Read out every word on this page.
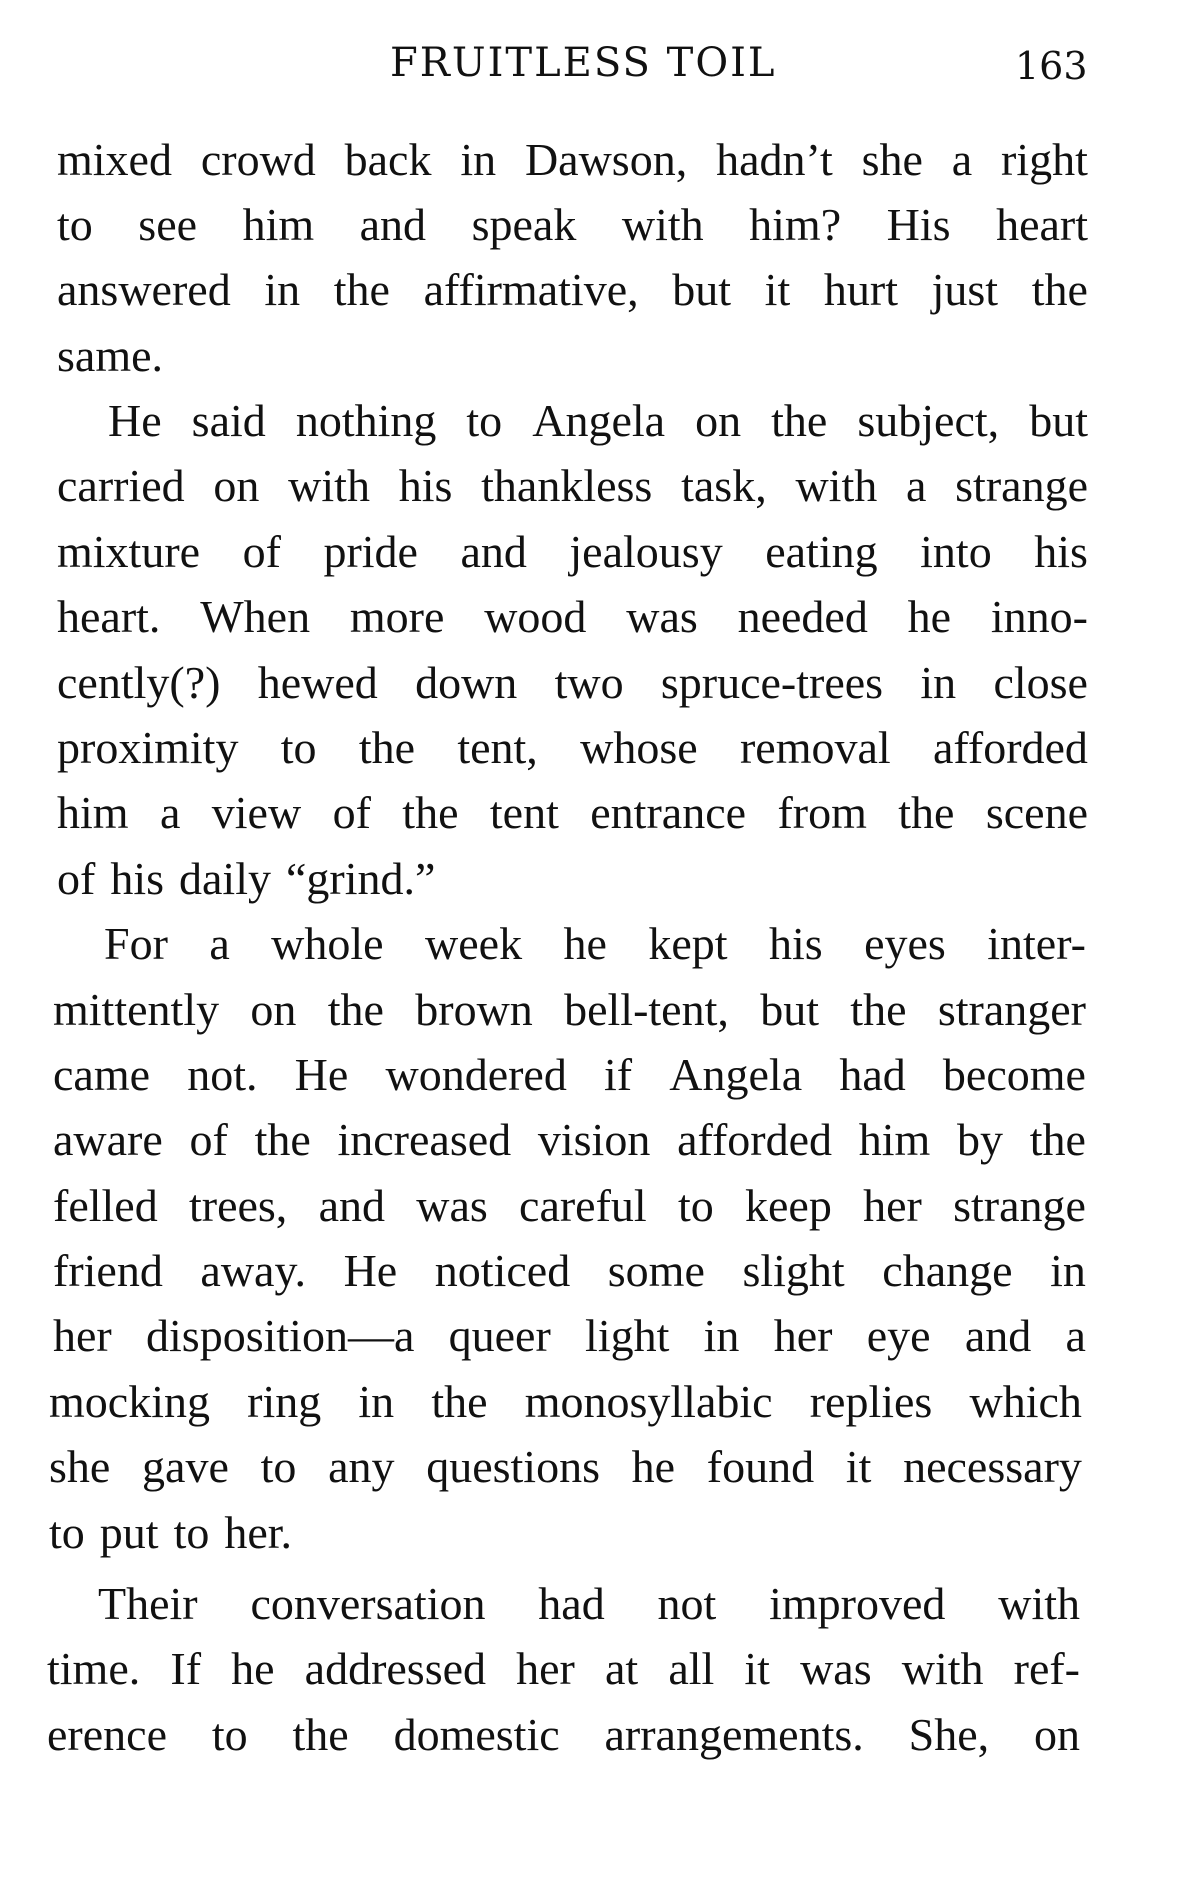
FRUITLESS TOIL	163
mixed crowd back in Dawson, hadn’t she a right
to see him and speak with him? His heart
answered in the affirmative, but it hurt just the
same.
He said nothing to Angela on the subject, but
carried on with his thankless task, with a strange
mixture of pride and jealousy eating into his
heart. When more wood was needed he inno-
cently(?) hewed down two spruce-trees in close
proximity to the tent, whose removal afforded
him a view of the tent entrance from the scene
of his daily “grind.”
For a whole week he kept his eyes inter-
mittently on the brown bell-tent, but the stranger
came not. He wondered if Angela had become
aware of the increased vision afforded him by the
felled trees, and was careful to keep her strange
friend away. He noticed some slight change in
her disposition—a queer light in her eye and a
mocking ring in the monosyllabic replies which
she gave to any questions he found it necessary
to put to her.
Their conversation had not improved with
time. If he addressed her at all it was with ref-
erence to the domestic arrangements. She, on
